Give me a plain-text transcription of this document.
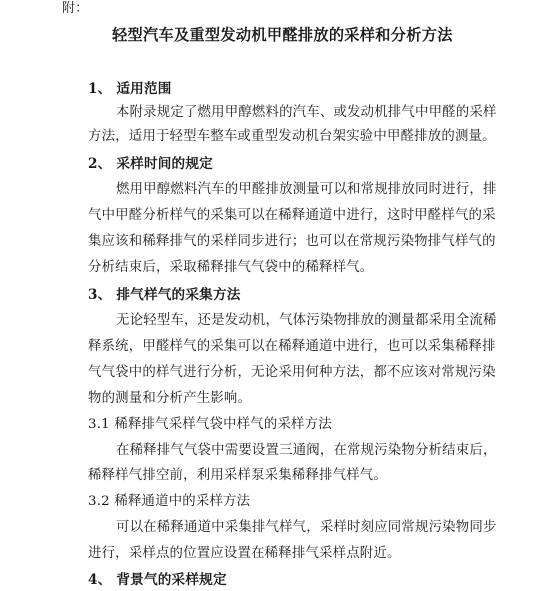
附：
轻型汽车及重型发动机甲醛排放的采样和分析方法
1、 适用范围
本附录规定了燃用甲醇燃料的汽车、或发动机排气中甲醛的采样
方法，适用于轻型车整车或重型发动机台架实验中甲醛排放的测量。
2、 采样时间的规定
燃用甲醇燃料汽车的甲醛排放测量可以和常规排放同时进行，排
气中甲醛分析样气的采集可以在稀释通道中进行，这时甲醛样气的采
集应该和稀释排气的采样同步进行；也可以在常规污染物排气样气的
分析结束后，采取稀释排气气袋中的稀释样气。
3、 排气样气的采集方法
无论轻型车，还是发动机，气体污染物排放的测量都采用全流稀
释系统，甲醛样气的采集可以在稀释通道中进行，也可以采集稀释排
气气袋中的样气进行分析，无论采用何种方法，都不应该对常规污染
物的测量和分析产生影响。
3.1 稀释排气采样气袋中样气的采样方法
在稀释排气气袋中需要设置三通阀，在常规污染物分析结束后，
稀释样气排空前，利用采样泵采集稀释排气样气。
3.2 稀释通道中的采样方法
可以在稀释通道中采集排气样气，采样时刻应同常规污染物同步
进行，采样点的位置应设置在稀释排气采样点附近。
4、 背景气的采样规定
